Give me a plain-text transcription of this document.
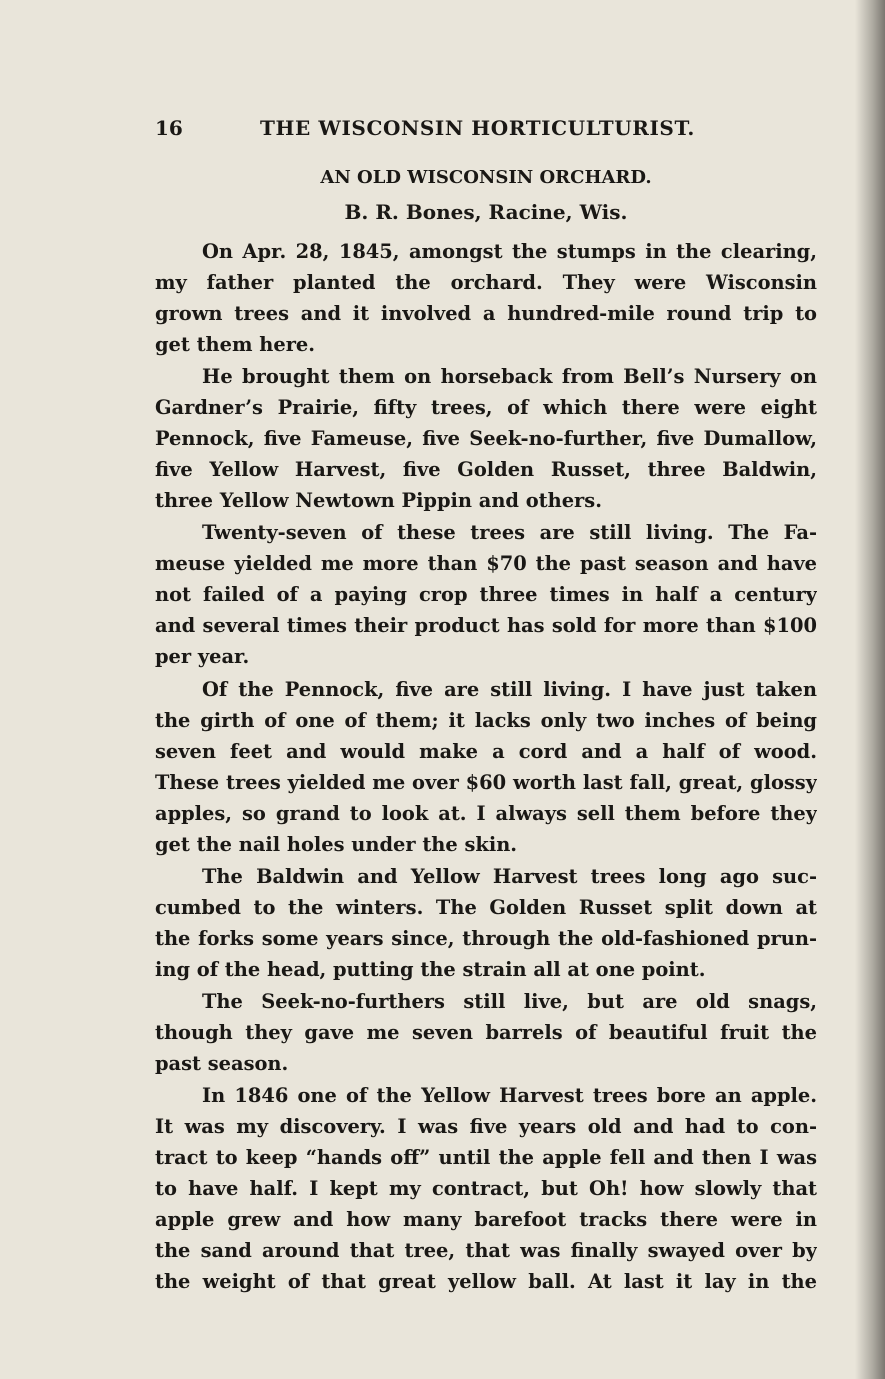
16	THE WISCONSIN HORTICULTURIST.
AN OLD WISCONSIN ORCHARD.
B. R. Bones, Racine, Wis.
On Apr. 28, 1845, amongst the stumps in the clearing,
my father planted the orchard. They were Wisconsin
grown trees and it involved a hundred-mile round trip to
get them here.
He brought them on horseback from Bell’s Nursery on
Gardner’s Prairie, fifty trees, of which there were eight
Pennock, five Fameuse, five Seek-no-further, five Dumallow,
five Yellow Harvest, five Golden Russet, three Baldwin,
three Yellow Newtown Pippin and others.
Twenty-seven of these trees are still living. The Fa-
meuse yielded me more than $70 the past season and have
not failed of a paying crop three times in half a century
and several times their product has sold for more than $100
per year.
Of the Pennock, five are still living. I have just taken
the girth of one of them; it lacks only two inches of being
seven feet and would make a cord and a half of wood.
These trees yielded me over $60 worth last fall, great, glossy
apples, so grand to look at. I always sell them before they
get the nail holes under the skin.
The Baldwin and Yellow Harvest trees long ago suc-
cumbed to the winters. The Golden Russet split down at
the forks some years since, through the old-fashioned prun-
ing of the head, putting the strain all at one point.
The Seek-no-furthers still live, but are old snags,
though they gave me seven barrels of beautiful fruit the
past season.
In 1846 one of the Yellow Harvest trees bore an apple.
It was my discovery. I was five years old and had to con-
tract to keep “hands off” until the apple fell and then I was
to have half. I kept my contract, but Oh! how slowly that
apple grew and how many barefoot tracks there were in
the sand around that tree, that was finally swayed over by
the weight of that great yellow ball. At last it lay in the
